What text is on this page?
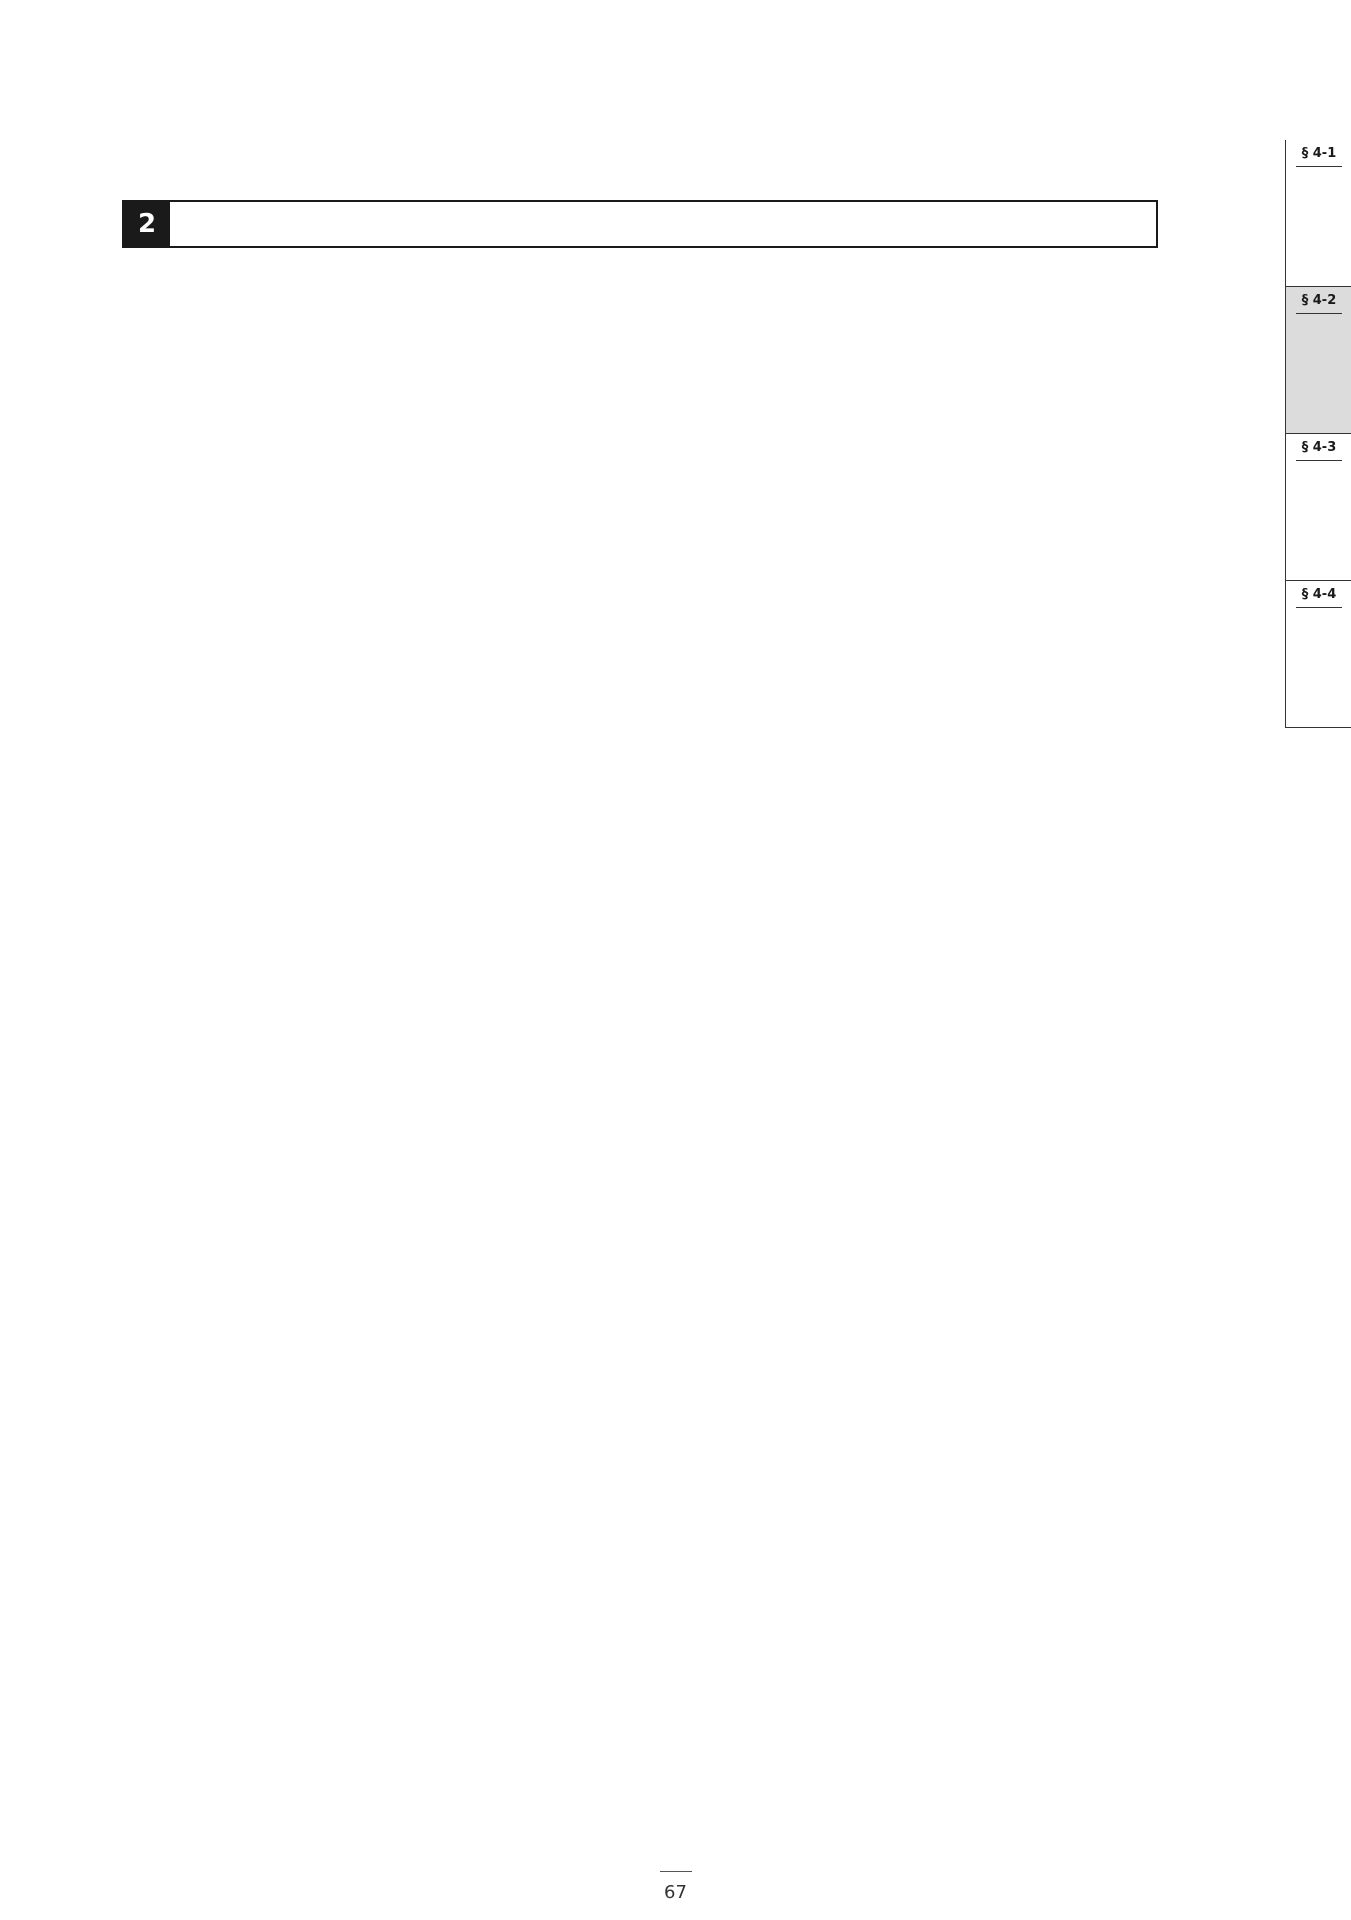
2

§ 4-1
§ 4-2
§ 4-3
§ 4-4
67
